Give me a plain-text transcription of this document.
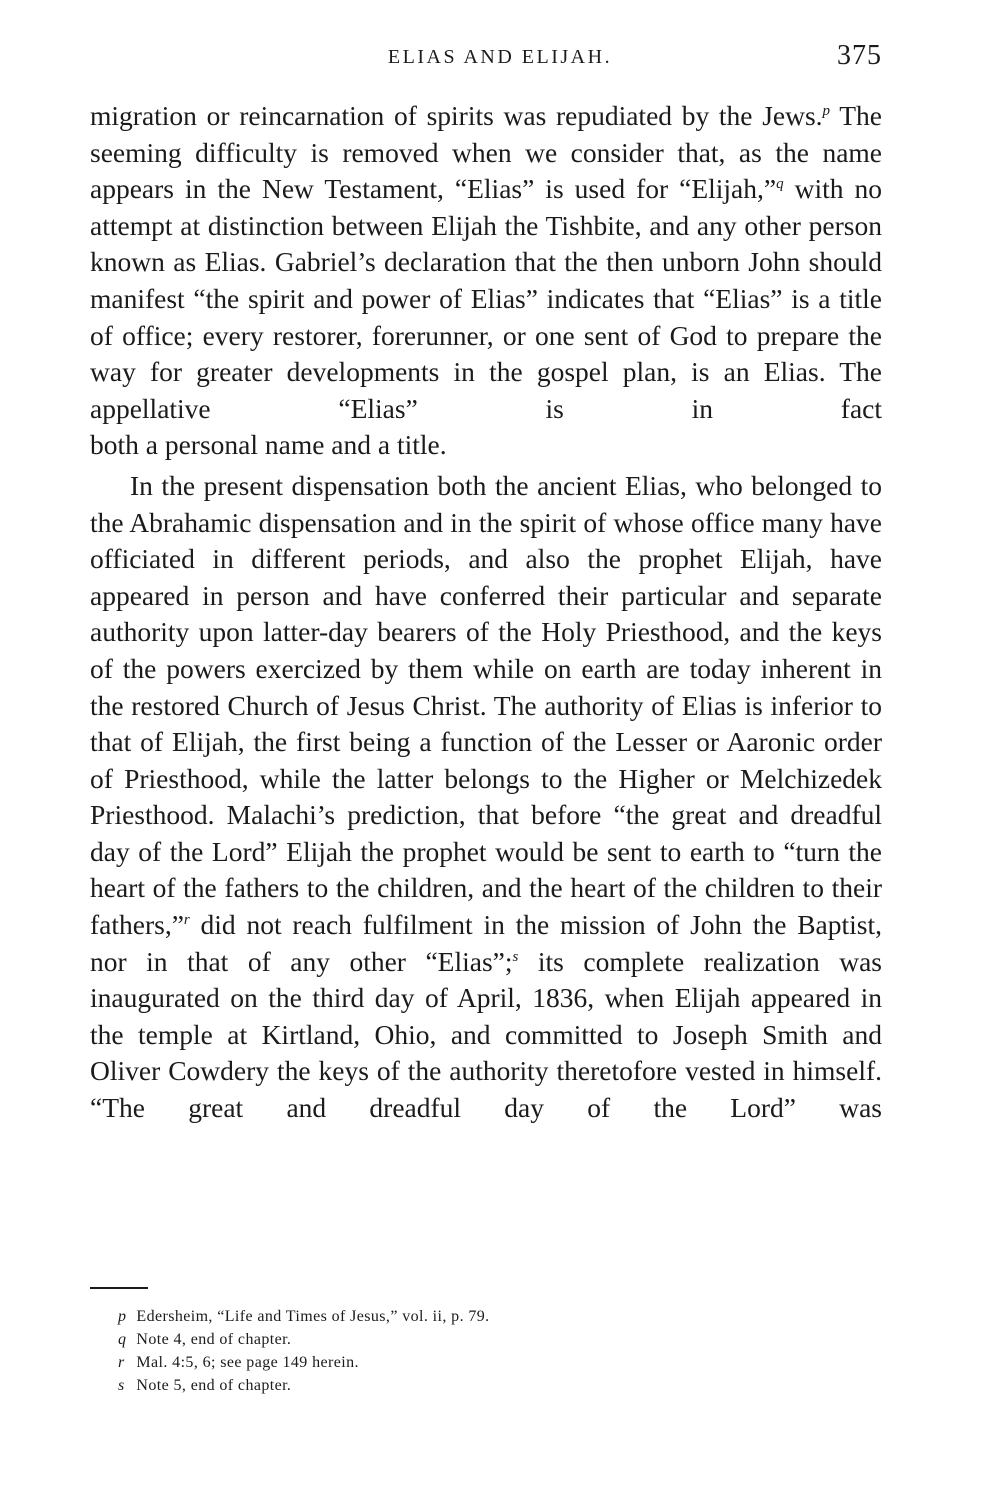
ELIAS AND ELIJAH.	375

migration or reincarnation of spirits was repudiated by the Jews.$^p$ The seeming difficulty is removed when we consider that, as the name appears in the New Testament, “Elias” is used for “Elijah,”$^q$ with no attempt at distinction between Elijah the Tishbite, and any other person known as Elias. Gabriel’s declaration that the then unborn John should manifest “the spirit and power of Elias” indicates that “Elias” is a title of office; every restorer, forerunner, or one sent of God to prepare the way for greater developments in the gospel plan, is an Elias. The appellative “Elias” is in fact
both a personal name and a title.

In the present dispensation both the ancient Elias, who belonged to the Abrahamic dispensation and in the spirit of whose office many have officiated in different periods, and also the prophet Elijah, have appeared in person and have conferred their particular and separate authority upon latter-day bearers of the Holy Priesthood, and the keys of the powers exercized by them while on earth are today inherent in the restored Church of Jesus Christ. The authority of Elias is inferior to that of Elijah, the first being a function of the Lesser or Aaronic order of Priesthood, while the latter belongs to the Higher or Melchizedek Priesthood. Malachi’s prediction, that before “the great and dreadful day of the Lord” Elijah the prophet would be sent to earth to “turn the heart of the fathers to the children, and the heart of the children to their fathers,”$^r$ did not reach fulfilment in the mission of John the Baptist, nor in that of any other “Elias”;$^s$ its complete realization was inaugurated on the third day of April, 1836, when Elijah appeared in the temple at Kirtland, Ohio, and committed to Joseph Smith and Oliver Cowdery the keys of the authority theretofore vested in himself. “The great and dreadful day of the Lord” was

p Edersheim, “Life and Times of Jesus,” vol. ii, p. 79.
q Note 4, end of chapter.
r Mal. 4:5, 6; see page 149 herein.
s Note 5, end of chapter.
